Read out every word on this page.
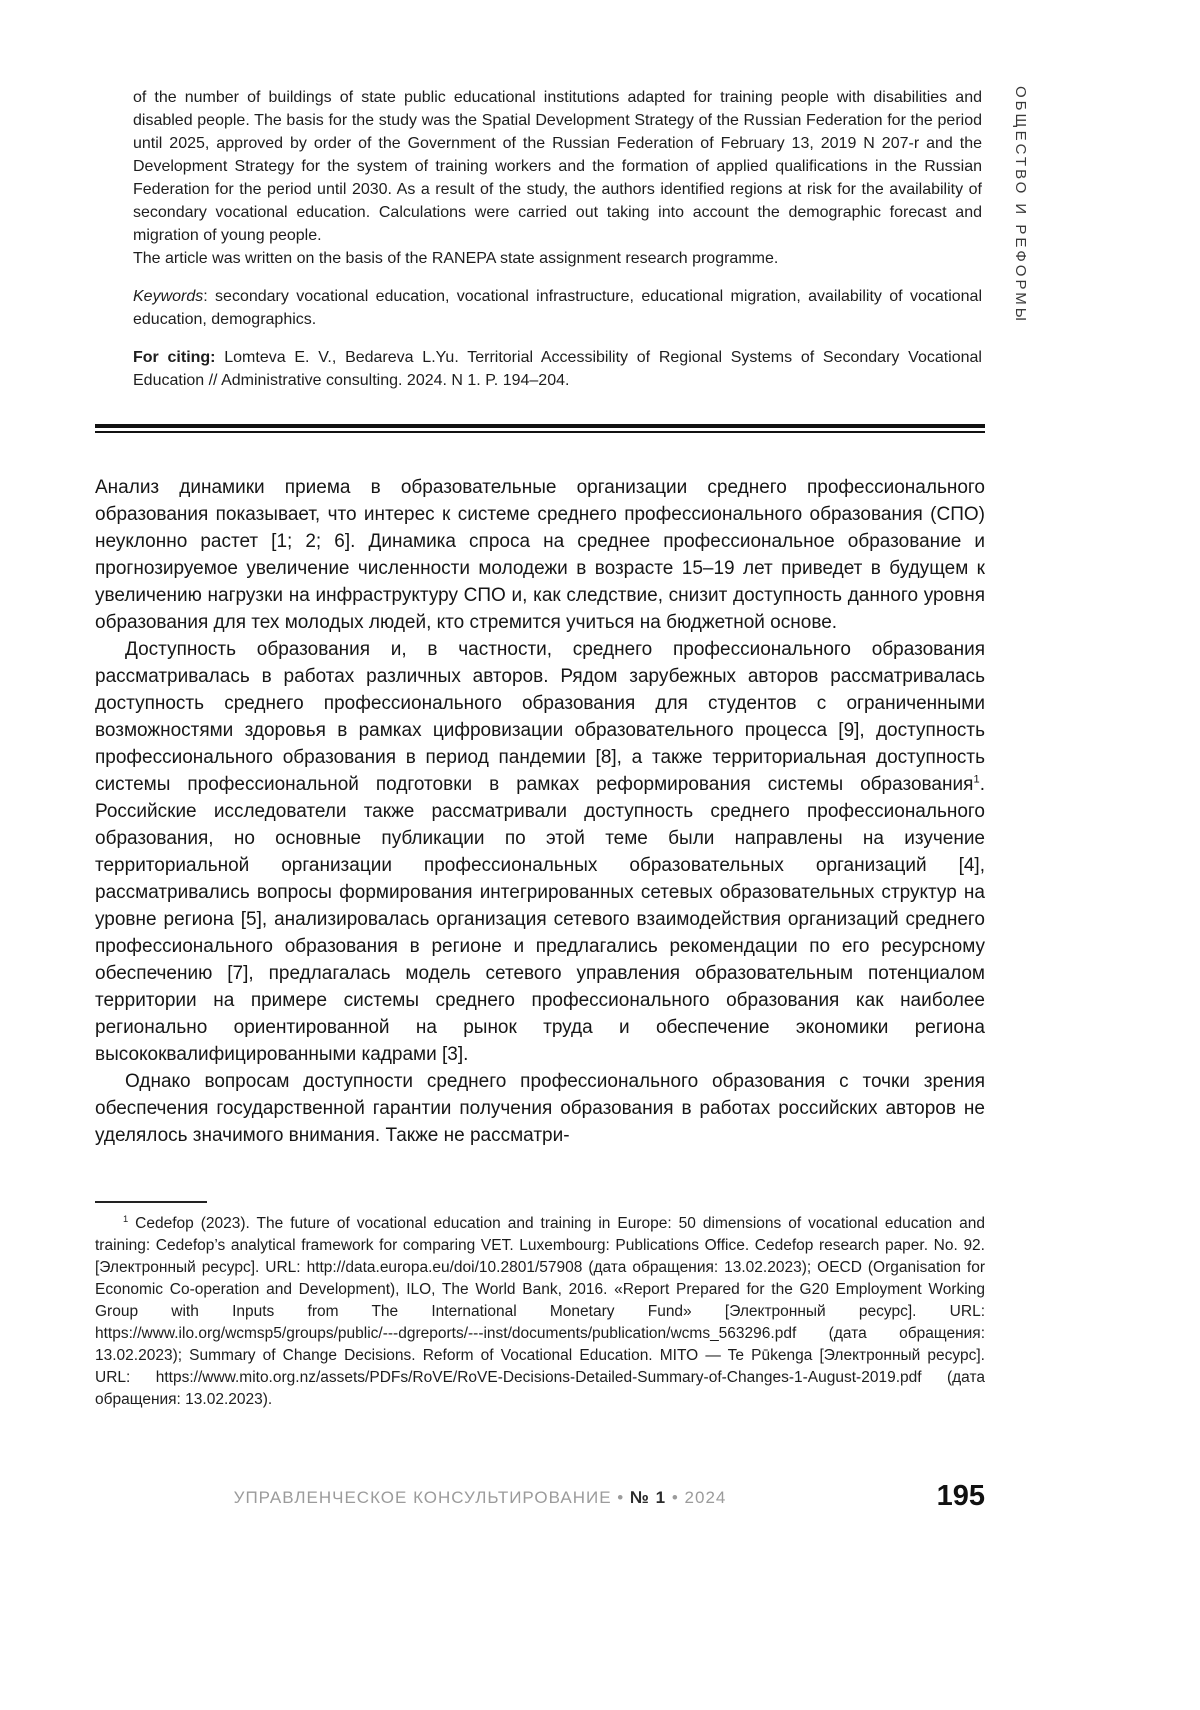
ОБЩЕСТВО И РЕФОРМЫ

of the number of buildings of state public educational institutions adapted for training people with disabilities and disabled people. The basis for the study was the Spatial Development Strategy of the Russian Federation for the period until 2025, approved by order of the Government of the Russian Federation of February 13, 2019 N 207-r and the Development Strategy for the system of training workers and the formation of applied qualifications in the Russian Federation for the period until 2030. As a result of the study, the authors identified regions at risk for the availability of secondary vocational education. Calculations were carried out taking into account the demographic forecast and migration of young people.

The article was written on the basis of the RANEPA state assignment research programme.

Keywords: secondary vocational education, vocational infrastructure, educational migration, availability of vocational education, demographics.

For citing: Lomteva E. V., Bedareva L.Yu. Territorial Accessibility of Regional Systems of Secondary Vocational Education // Administrative consulting. 2024. N 1. P. 194–204.

Анализ динамики приема в образовательные организации среднего профессионального образования показывает, что интерес к системе среднего профессионального образования (СПО) неуклонно растет [1; 2; 6]. Динамика спроса на среднее профессиональное образование и прогнозируемое увеличение численности молодежи в возрасте 15–19 лет приведет в будущем к увеличению нагрузки на инфраструктуру СПО и, как следствие, снизит доступность данного уровня образования для тех молодых людей, кто стремится учиться на бюджетной основе.

Доступность образования и, в частности, среднего профессионального образования рассматривалась в работах различных авторов. Рядом зарубежных авторов рассматривалась доступность среднего профессионального образования для студентов с ограниченными возможностями здоровья в рамках цифровизации образовательного процесса [9], доступность профессионального образования в период пандемии [8], а также территориальная доступность системы профессиональной подготовки в рамках реформирования системы образования$^1$. Российские исследователи также рассматривали доступность среднего профессионального образования, но основные публикации по этой теме были направлены на изучение территориальной организации профессиональных образовательных организаций [4], рассматривались вопросы формирования интегрированных сетевых образовательных структур на уровне региона [5], анализировалась организация сетевого взаимодействия организаций среднего профессионального образования в регионе и предлагались рекомендации по его ресурсному обеспечению [7], предлагалась модель сетевого управления образовательным потенциалом территории на примере системы среднего профессионального образования как наиболее регионально ориентированной на рынок труда и обеспечение экономики региона высококвалифицированными кадрами [3].

Однако вопросам доступности среднего профессионального образования с точки зрения обеспечения государственной гарантии получения образования в работах российских авторов не уделялось значимого внимания. Также не рассматри-

$^1$ Cedefop (2023). The future of vocational education and training in Europe: 50 dimensions of vocational education and training: Cedefop’s analytical framework for comparing VET. Luxembourg: Publications Office. Cedefop research paper. No. 92. [Электронный ресурс]. URL: http://data.europa.eu/doi/10.2801/57908 (дата обращения: 13.02.2023); OECD (Organisation for Economic Co-operation and Development), ILO, The World Bank, 2016. «Report Prepared for the G20 Employment Working Group with Inputs from The International Monetary Fund» [Электронный ресурс]. URL: https://www.ilo.org/wcmsp5/groups/public/---dgreports/---inst/documents/publication/wcms_563296.pdf (дата обращения: 13.02.2023); Summary of Change Decisions. Reform of Vocational Education. MITO — Te Pūkenga [Электронный ресурс]. URL: https://www.mito.org.nz/assets/PDFs/RoVE/RoVE-Decisions-Detailed-Summary-of-Changes-1-August-2019.pdf (дата обращения: 13.02.2023).
УПРАВЛЕНЧЕСКОЕ КОНСУЛЬТИРОВАНИЕ • № 1 • 2024	195
